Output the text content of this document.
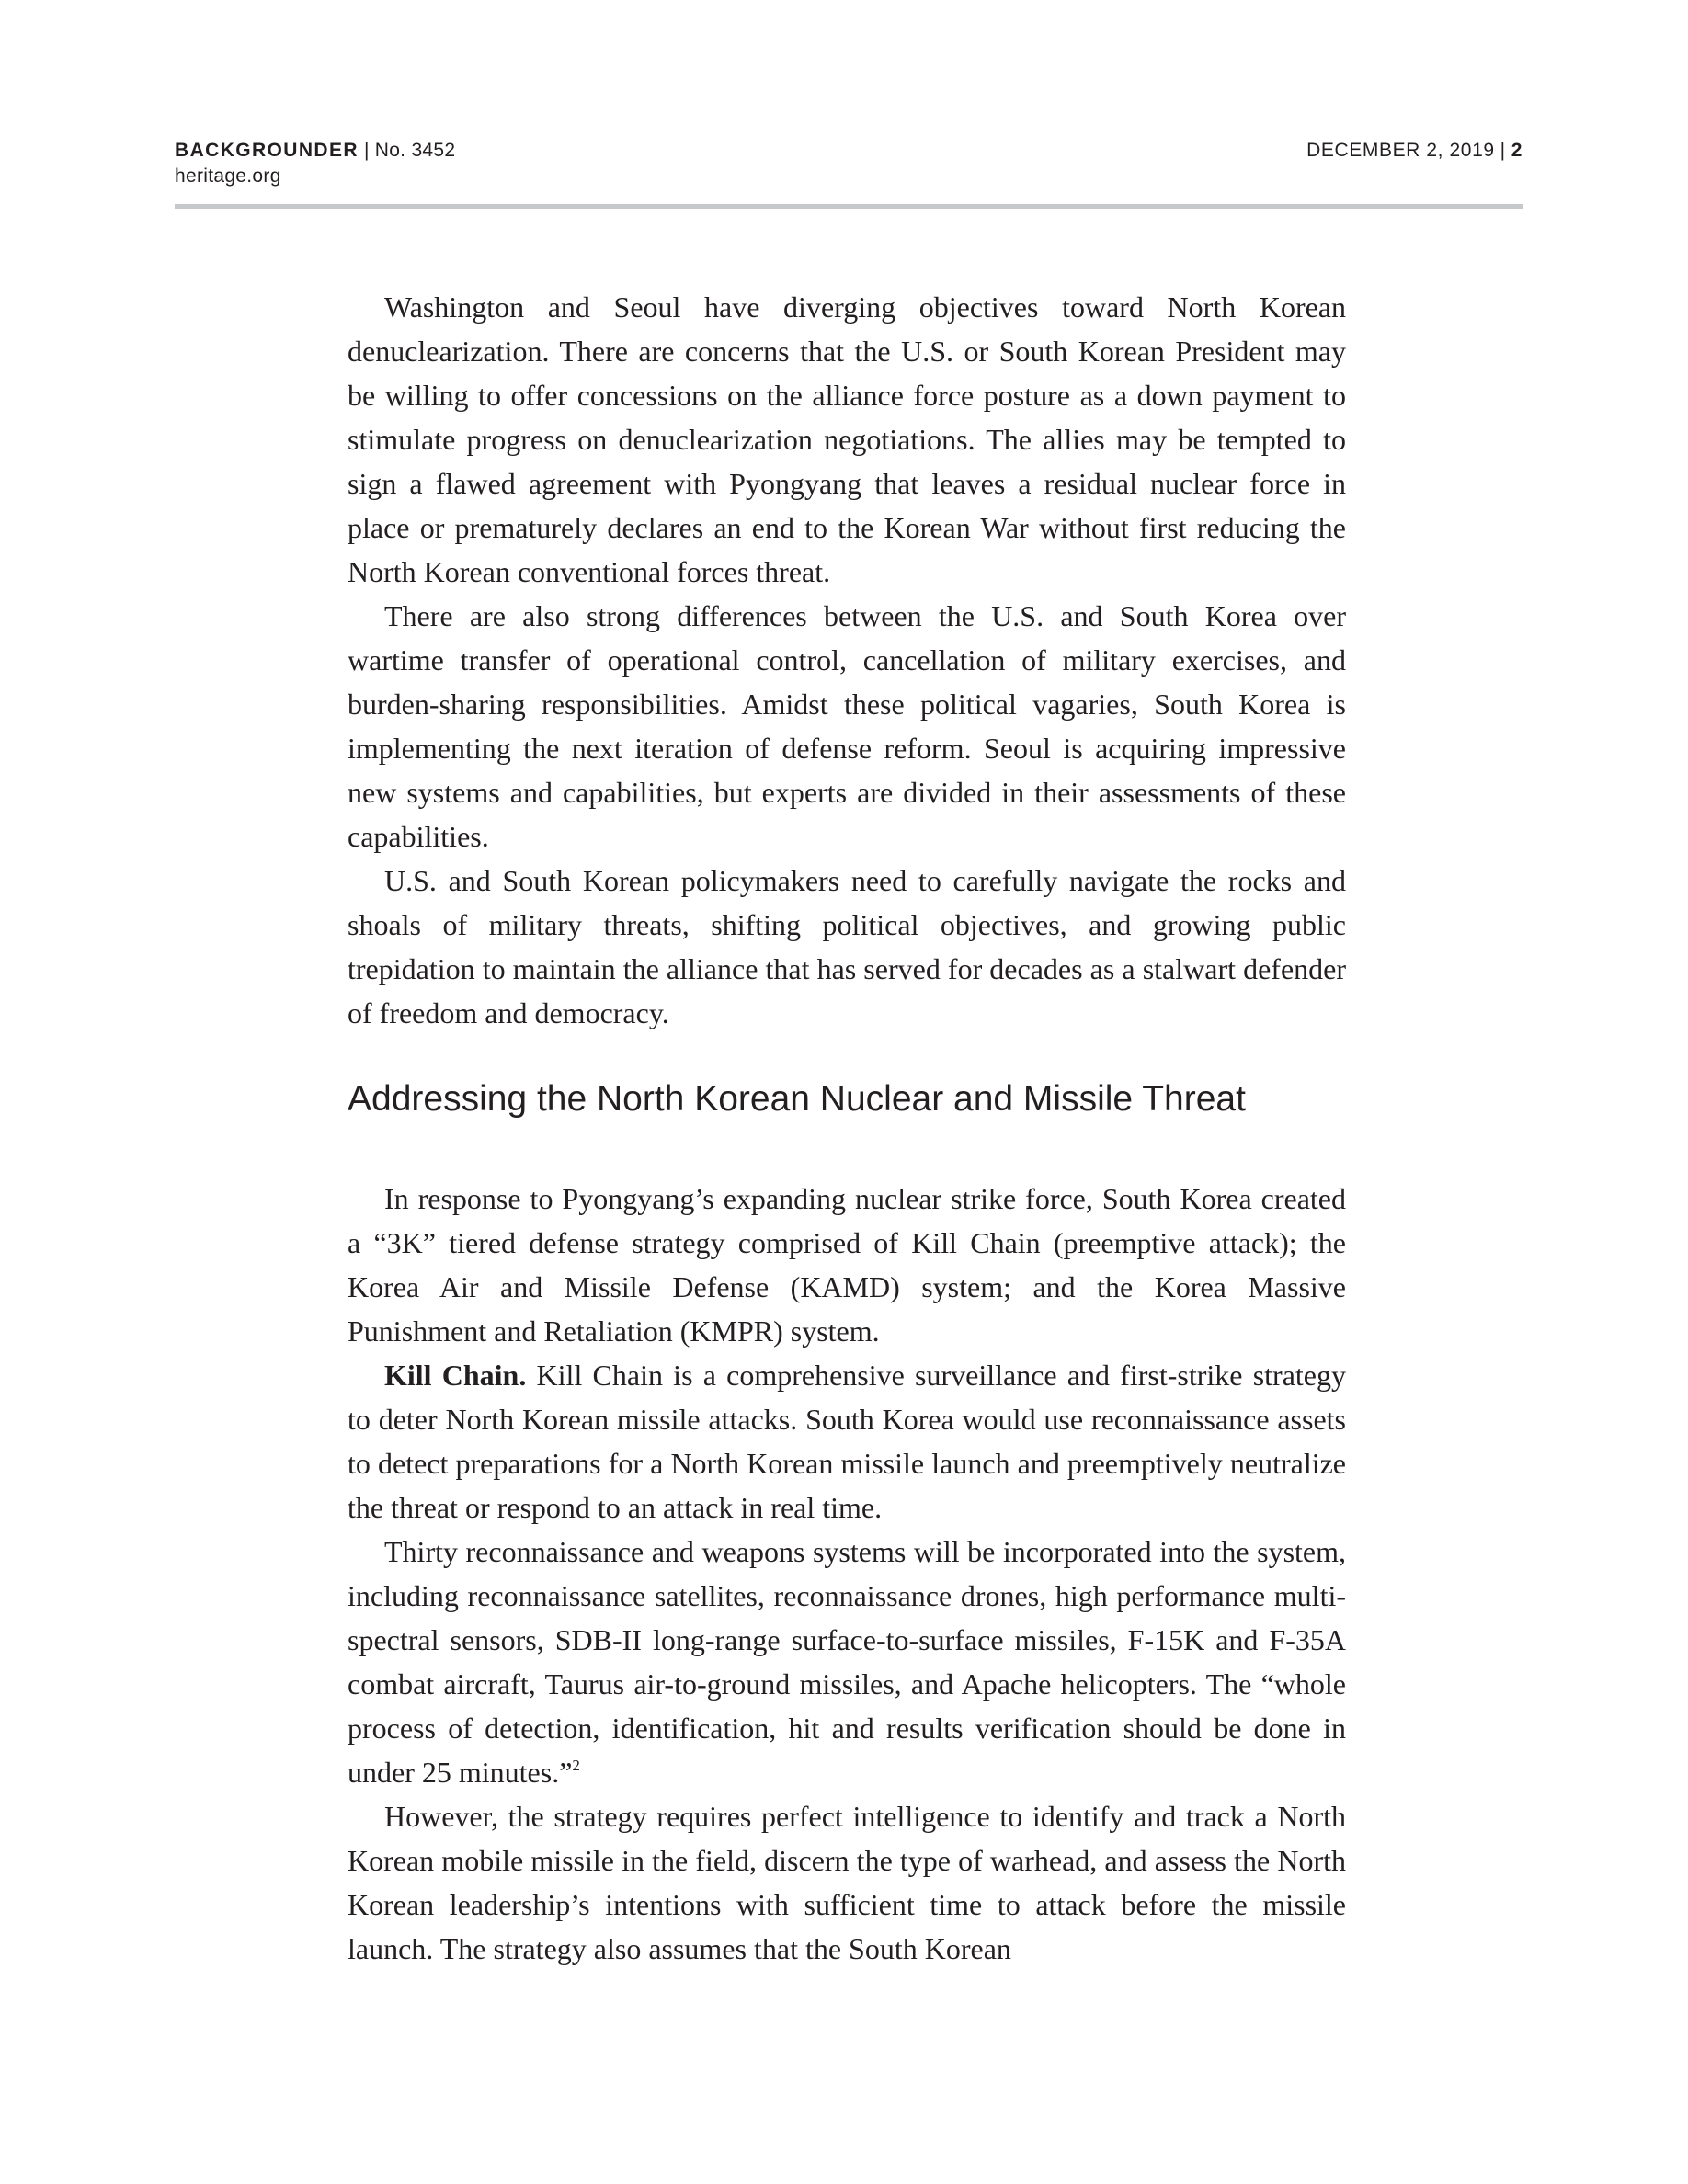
BACKGROUNDER | No. 3452
heritage.org
DECEMBER 2, 2019 | 2

Washington and Seoul have diverging objectives toward North Korean denuclearization. There are concerns that the U.S. or South Korean President may be willing to offer concessions on the alliance force posture as a down payment to stimulate progress on denuclearization negotiations. The allies may be tempted to sign a flawed agreement with Pyongyang that leaves a residual nuclear force in place or prematurely declares an end to the Korean War without first reducing the North Korean conventional forces threat.

There are also strong differences between the U.S. and South Korea over wartime transfer of operational control, cancellation of military exercises, and burden-sharing responsibilities. Amidst these political vagaries, South Korea is implementing the next iteration of defense reform. Seoul is acquiring impressive new systems and capabilities, but experts are divided in their assessments of these capabilities.

U.S. and South Korean policymakers need to carefully navigate the rocks and shoals of military threats, shifting political objectives, and growing public trepidation to maintain the alliance that has served for decades as a stalwart defender of freedom and democracy.

Addressing the North Korean Nuclear and Missile Threat

In response to Pyongyang’s expanding nuclear strike force, South Korea created a “3K” tiered defense strategy comprised of Kill Chain (preemptive attack); the Korea Air and Missile Defense (KAMD) system; and the Korea Massive Punishment and Retaliation (KMPR) system.

Kill Chain. Kill Chain is a comprehensive surveillance and first-strike strategy to deter North Korean missile attacks. South Korea would use reconnaissance assets to detect preparations for a North Korean missile launch and preemptively neutralize the threat or respond to an attack in real time.

Thirty reconnaissance and weapons systems will be incorporated into the system, including reconnaissance satellites, reconnaissance drones, high performance multi-spectral sensors, SDB-II long-range surface-to-surface missiles, F-15K and F-35A combat aircraft, Taurus air-to-ground missiles, and Apache helicopters. The “whole process of detection, identification, hit and results verification should be done in under 25 minutes.”$^2$

However, the strategy requires perfect intelligence to identify and track a North Korean mobile missile in the field, discern the type of warhead, and assess the North Korean leadership’s intentions with sufficient time to attack before the missile launch. The strategy also assumes that the South Korean
